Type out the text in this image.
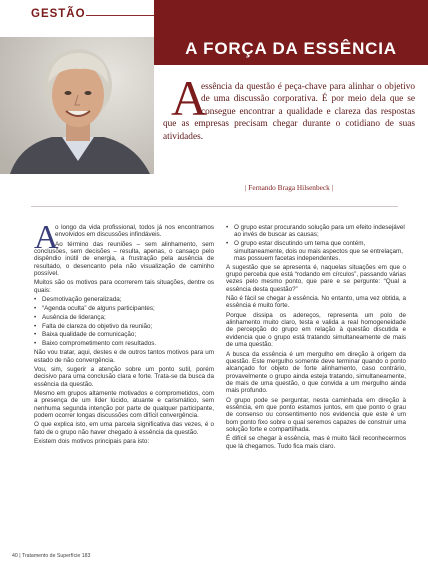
GESTÃO
A FORÇA DA ESSÊNCIA
A
essência da questão é peça-chave para alinhar o objetivo de uma discussão corporativa. É por meio dela que se consegue encontrar a qualidade e clareza das respostas que as empresas precisam chegar durante o cotidiano de suas atividades.
| Fernando Braga Hilsenbeck |
A

o longo da vida profissional, todos já nos encontramos envolvidos em discussões infindáveis.

Ao término das reuniões – sem alinhamento, sem conclusões, sem decisões – resulta, apenas, o cansaço pelo dispêndio inútil de energia, a frustração pela ausência de resultado, o desencanto pela não visualização de caminho possível.

Muitos são os motivos para ocorrerem tais situações, dentre os quais:

• Desmotivação generalizada;
• “Agenda oculta” de alguns participantes;
• Ausência de liderança;
• Falta de clareza do objetivo da reunião;
• Baixa qualidade de comunicação;
• Baixo comprometimento com resultados.

Não vou tratar, aqui, destes e de outros tantos motivos para um estado de não convergência.

Vou, sim, sugerir a atenção sobre um ponto sutil, porém decisivo para uma conclusão clara e forte. Trata-se da busca da essência da questão.

Mesmo em grupos altamente motivados e comprometidos, com a presença de um líder lúcido, atuante e carismático, sem nenhuma segunda intenção por parte de qualquer participante, podem ocorrer longas discussões com difícil convergência.

O que explica isto, em uma parcela significativa das vezes, é o fato de o grupo não haver chegado à essência da questão.

Existem dois motivos principais para isto:

• O grupo estar procurando solução para um efeito indesejável ao invés de buscar as causas;
• O grupo estar discutindo um tema que contém, simultaneamente, dois ou mais aspectos que se entrelaçam, mas possuem facetas independentes.

A sugestão que se apresenta é, naquelas situações em que o grupo perceba que está “rodando em círculos”, passando várias vezes pelo mesmo ponto, que pare e se pergunte: “Qual a essência desta questão?”

Não é fácil se chegar à essência. No entanto, uma vez obtida, a essência é muito forte.

Porque dissipa os adereços, representa um polo de alinhamento muito claro, testa e valida a real homogeneidade de percepção do grupo em relação à questão discutida e evidencia que o grupo está tratando simultaneamente de mais de uma questão.

A busca da essência é um mergulho em direção à origem da questão. Este mergulho somente deve terminar quando o ponto alcançado for objeto de forte alinhamento, caso contrário, provavelmente o grupo ainda esteja tratando, simultaneamente, de mais de uma questão, o que convida a um mergulho ainda mais profundo.

O grupo pode se perguntar, nesta caminhada em direção à essência, em que ponto estamos juntos, em que ponto o grau de consenso ou consentimento nos evidencia que este é um bom ponto fixo sobre o qual seremos capazes de construir uma solução forte e compartilhada.

É difícil se chegar à essência, mas é muito fácil reconhecermos que lá chegamos. Tudo fica mais claro.

40 | Tratamento de Superfície 183
